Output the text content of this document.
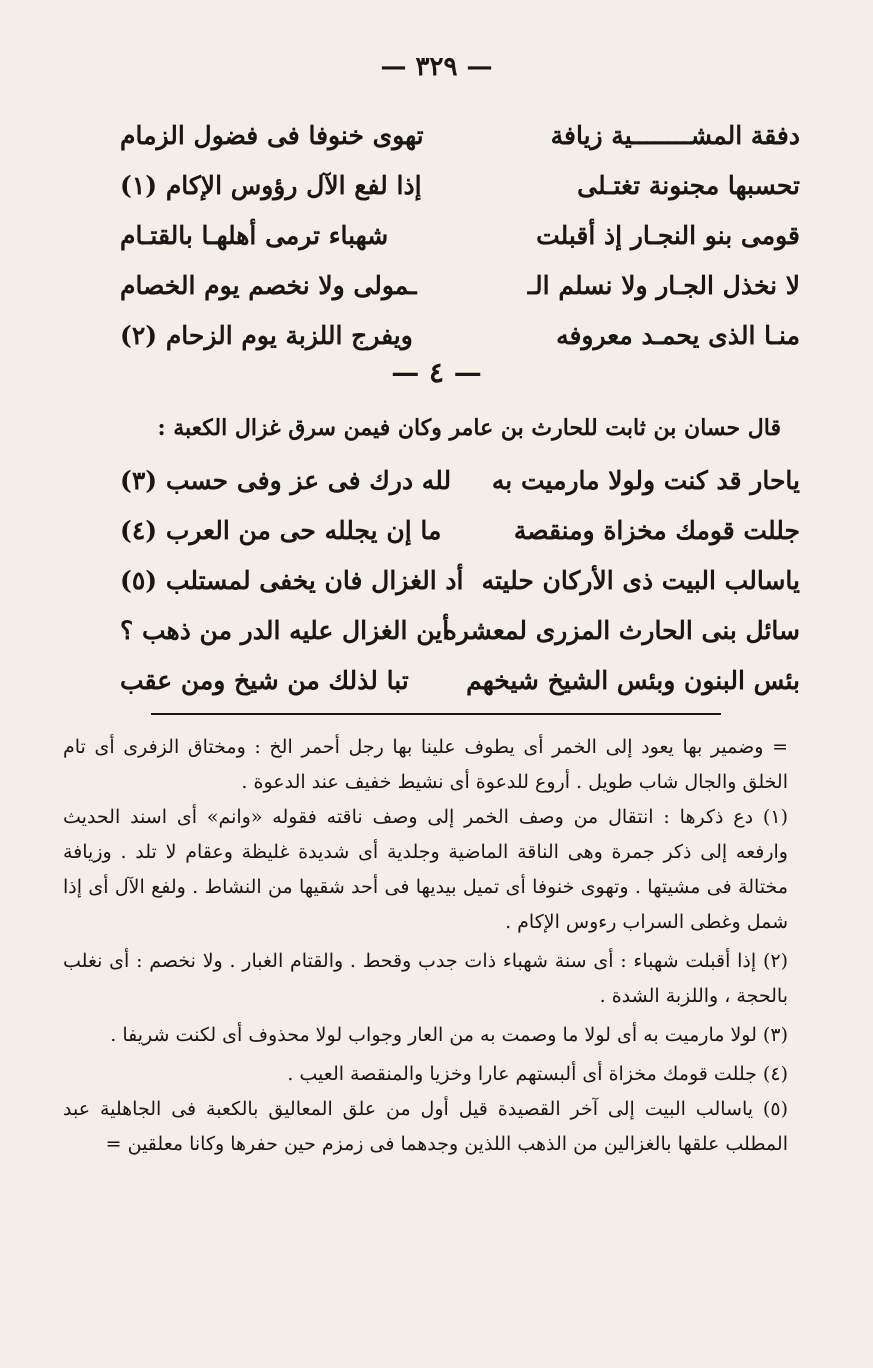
— ٣٢٩ —
دفقة المشــــــــية زيافة
تهوى خنوفا فى فضول الزمام
تحسبها مجنونة تغتـلى
إذا لفع الآل رؤوس الإكام (١)
قومى بنو النجـار إذ أقبلت
شهباء ترمى أهلهـا بالقتـام
لا نخذل الجـار ولا نسلم الـ
ـمولى ولا نخصم يوم الخصام
منـا الذى يحمـد معروفه
ويفرج اللزبة يوم الزحام (٢)
— ٤ —
قال حسان بن ثابت للحارث بن عامر وكان فيمن سرق غزال الكعبة :
ياحار قد كنت ولولا مارميت به
لله درك فى عز وفى حسب (٣)
جللت قومك مخزاة ومنقصة
ما إن يجلله حى من العرب (٤)
ياسالب البيت ذى الأركان حليته
أد الغزال فان يخفى لمستلب (٥)
سائل بنى الحارث المزرى لمعشره
أين الغزال عليه الدر من ذهب ؟
بئس البنون وبئس الشيخ شيخهم
تبا لذلك من شيخ ومن عقب

= وضمير بها يعود إلى الخمر أى يطوف علينا بها رجل أحمر الخ : ومختاق الزفرى أى تام الخلق والجال شاب طويل . أروع للدعوة أى نشيط خفيف عند الدعوة .

(١) دع ذكرها : انتقال من وصف الخمر إلى وصف ناقته فقوله «وانم» أى اسند الحديث وارفعه إلى ذكر جمرة وهى الناقة الماضية وجلدية أى شديدة غليظة وعقام لا تلد . وزيافة مختالة فى مشيتها . وتهوى خنوفا أى تميل بيديها فى أحد شقيها من النشاط . ولفع الآل أى إذا شمل وغطى السراب رءوس الإكام .

(٢) إذا أقبلت شهباء : أى سنة شهباء ذات جدب وقحط . والقتام الغبار . ولا نخصم : أى نغلب بالحجة ، واللزبة الشدة .

(٣) لولا مارميت به أى لولا ما وصمت به من العار وجواب لولا محذوف أى لكنت شريفا .

(٤) جللت قومك مخزاة أى ألبستهم عارا وخزيا والمنقصة العيب .

(٥) ياسالب البيت إلى آخر القصيدة قيل أول من علق المعاليق بالكعبة فى الجاهلية عبد المطلب علقها بالغزالين من الذهب اللذين وجدهما فى زمزم حين حفرها وكانا معلقين =
